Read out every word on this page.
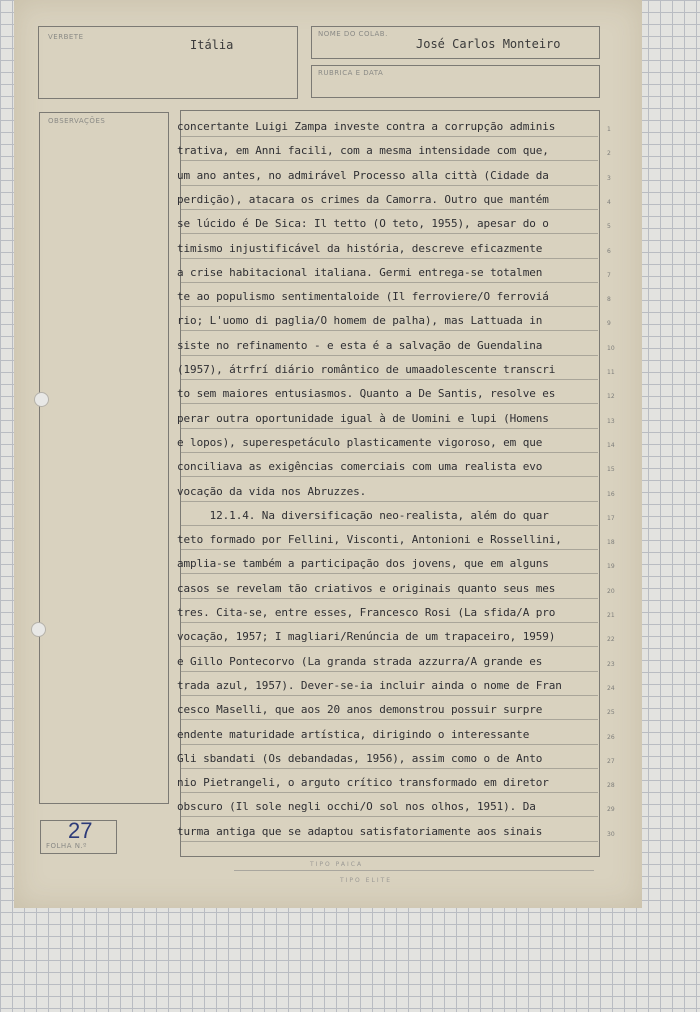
VERBETE
Itália
NOME DO COLAB.
José Carlos Monteiro
RUBRICA E DATA
OBSERVAÇÕES
FOLHA N.º
27
TIPO PAICA
TIPO ELITE
concertante Luigi Zampa investe contra a corrupção adminis
trativa, em Anni facili, com a mesma intensidade com que,
um ano antes, no admirável Processo alla città (Cidade da
perdição), atacara os crimes da Camorra. Outro que mantém
se lúcido é De Sica: Il tetto (O teto, 1955), apesar do o
timismo injustificável da história, descreve eficazmente
a crise habitacional italiana. Germi entrega-se totalmen
te ao populismo sentimentaloide (Il ferroviere/O ferroviá
rio; L'uomo di paglia/O homem de palha), mas Lattuada in
siste no refinamento - e esta é a salvação de Guendalina
(1957), átrfrí diário romântico de umaadolescente transcri
to sem maiores entusiasmos. Quanto a De Santis, resolve es
perar outra oportunidade igual à de Uomini e lupi (Homens
e lopos), superespetáculo plasticamente vigoroso, em que
conciliava as exigências comerciais com uma realista evo
vocação da vida nos Abruzzes.
12.1.4. Na diversificação neo-realista, além do quar
teto formado por Fellini, Visconti, Antonioni e Rossellini,
amplia-se também a participação dos jovens, que em alguns
casos se revelam tão criativos e originais quanto seus mes
tres. Cita-se, entre esses, Francesco Rosi (La sfida/A pro
vocação, 1957; I magliari/Renúncia de um trapaceiro, 1959)
e Gillo Pontecorvo (La granda strada azzurra/A grande es
trada azul, 1957). Dever-se-ia incluir ainda o nome de Fran
cesco Maselli, que aos 20 anos demonstrou possuir surpre
endente maturidade artística, dirigindo o interessante
Gli sbandati (Os debandadas, 1956), assim como o de Anto
nio Pietrangeli, o arguto crítico transformado em diretor
obscuro (Il sole negli occhi/O sol nos olhos, 1951). Da
turma antiga que se adaptou satisfatoriamente aos sinais
1
2
3
4
5
6
7
8
9
10
11
12
13
14
15
16
17
18
19
20
21
22
23
24
25
26
27
28
29
30
